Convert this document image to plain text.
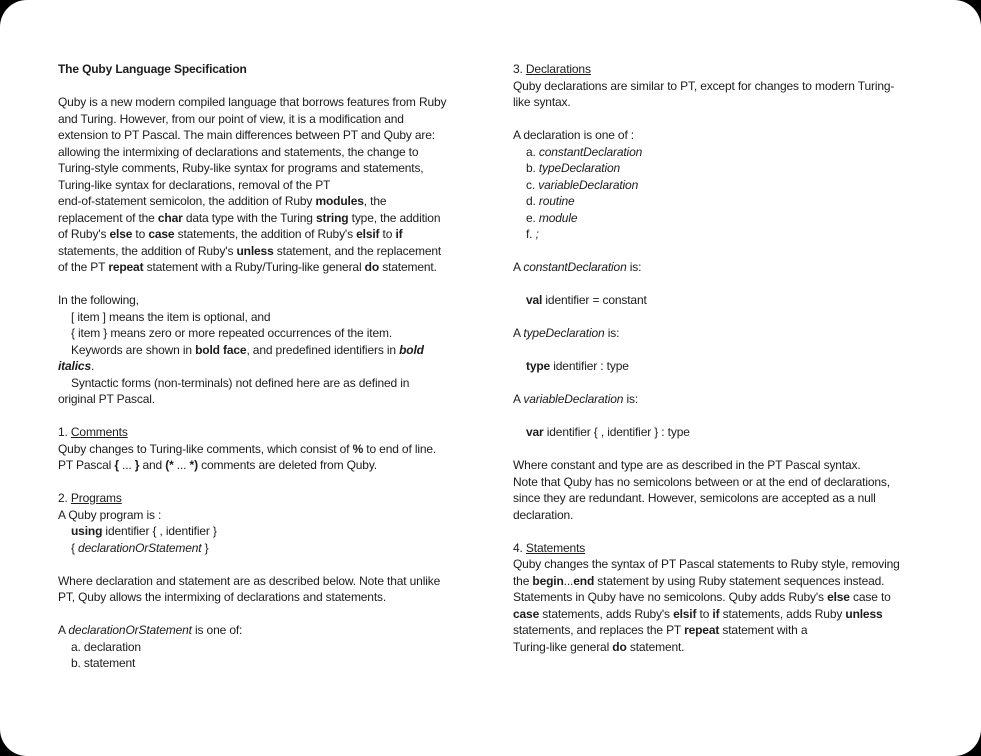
The Quby Language Specification

Quby is a new modern compiled language that borrows features from Ruby
and Turing. However, from our point of view, it is a modification and
extension to PT Pascal. The main differences between PT and Quby are:
allowing the intermixing of declarations and statements, the change to
Turing-style comments, Ruby-like syntax for programs and statements,
Turing-like syntax for declarations, removal of the PT
end-of-statement semicolon, the addition of Ruby modules, the
replacement of the char data type with the Turing string type, the addition
of Ruby's else to case statements, the addition of Ruby's elsif to if
statements, the addition of Ruby's unless statement, and the replacement
of the PT repeat statement with a Ruby/Turing-like general do statement.

In the following,
[ item ] means the item is optional, and
{ item } means zero or more repeated occurrences of the item.
Keywords are shown in bold face, and predefined identifiers in bold
italics.
Syntactic forms (non-terminals) not defined here are as defined in
original PT Pascal.

1. Comments
Quby changes to Turing-like comments, which consist of % to end of line.
PT Pascal { ... } and (* ... *) comments are deleted from Quby.

2. Programs
A Quby program is :
using identifier { , identifier }
{ declarationOrStatement }

Where declaration and statement are as described below. Note that unlike
PT, Quby allows the intermixing of declarations and statements.

A declarationOrStatement is one of:
a. declaration
b. statement
3. Declarations
Quby declarations are similar to PT, except for changes to modern Turing-
like syntax.

A declaration is one of :
a. constantDeclaration
b. typeDeclaration
c. variableDeclaration
d. routine
e. module
f. ;

A constantDeclaration is:

val identifier = constant

A typeDeclaration is:

type identifier : type

A variableDeclaration is:

var identifier { , identifier } : type

Where constant and type are as described in the PT Pascal syntax.
Note that Quby has no semicolons between or at the end of declarations,
since they are redundant. However, semicolons are accepted as a null
declaration.

4. Statements
Quby changes the syntax of PT Pascal statements to Ruby style, removing
the begin...end statement by using Ruby statement sequences instead.
Statements in Quby have no semicolons. Quby adds Ruby's else case to
case statements, adds Ruby's elsif to if statements, adds Ruby unless
statements, and replaces the PT repeat statement with a
Turing-like general do statement.
